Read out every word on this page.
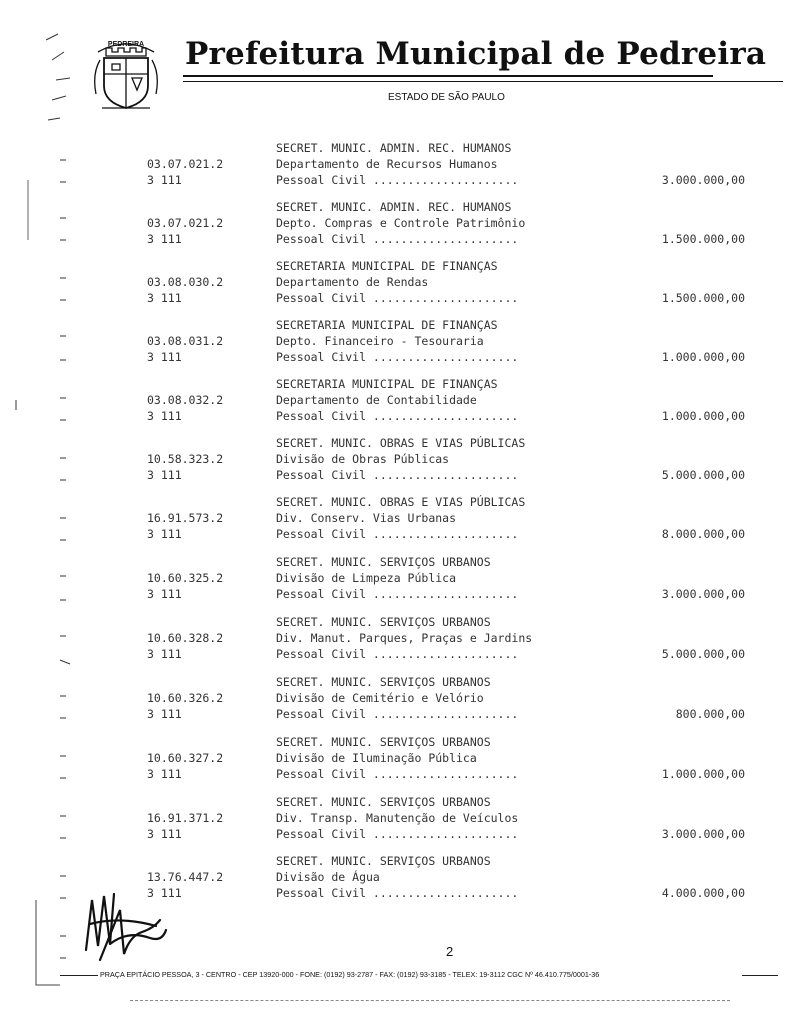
PEDREIRA Prefeitura Municipal de Pedreira
ESTADO DE SÃO PAULO
SECRET. MUNIC. ADMIN. REC. HUMANOS
03.07.021.2	Departamento de Recursos Humanos
3 111	Pessoal Civil .....................	3.000.000,00
SECRET. MUNIC. ADMIN. REC. HUMANOS
03.07.021.2	Depto. Compras e Controle Patrimônio
3 111	Pessoal Civil .....................	1.500.000,00
SECRETARIA MUNICIPAL DE FINANÇAS
03.08.030.2	Departamento de Rendas
3 111	Pessoal Civil .....................	1.500.000,00
SECRETARIA MUNICIPAL DE FINANÇAS
03.08.031.2	Depto. Financeiro - Tesouraria
3 111	Pessoal Civil .....................	1.000.000,00
SECRETARIA MUNICIPAL DE FINANÇAS
03.08.032.2	Departamento de Contabilidade
3 111	Pessoal Civil .....................	1.000.000,00
SECRET. MUNIC. OBRAS E VIAS PÚBLICAS
10.58.323.2	Divisão de Obras Públicas
3 111	Pessoal Civil .....................	5.000.000,00
SECRET. MUNIC. OBRAS E VIAS PÚBLICAS
16.91.573.2	Div. Conserv. Vias Urbanas
3 111	Pessoal Civil .....................	8.000.000,00
SECRET. MUNIC. SERVIÇOS URBANOS
10.60.325.2	Divisão de Limpeza Pública
3 111	Pessoal Civil .....................	3.000.000,00
SECRET. MUNIC. SERVIÇOS URBANOS
10.60.328.2	Div. Manut. Parques, Praças e Jardins
3 111	Pessoal Civil .....................	5.000.000,00
SECRET. MUNIC. SERVIÇOS URBANOS
10.60.326.2	Divisão de Cemitério e Velório
3 111	Pessoal Civil .....................	800.000,00
SECRET. MUNIC. SERVIÇOS URBANOS
10.60.327.2	Divisão de Iluminação Pública
3 111	Pessoal Civil .....................	1.000.000,00
SECRET. MUNIC. SERVIÇOS URBANOS
16.91.371.2	Div. Transp. Manutenção de Veículos
3 111	Pessoal Civil .....................	3.000.000,00
SECRET. MUNIC. SERVIÇOS URBANOS
13.76.447.2	Divisão de Água
3 111	Pessoal Civil .....................	4.000.000,00
2
PRAÇA EPITÁCIO PESSOA, 3 - CENTRO - CEP 13920-000 - FONE: (0192) 93-2787 - FAX: (0192) 93-3185 - TELEX: 19-3112 CGC Nº 46.410.775/0001-36
